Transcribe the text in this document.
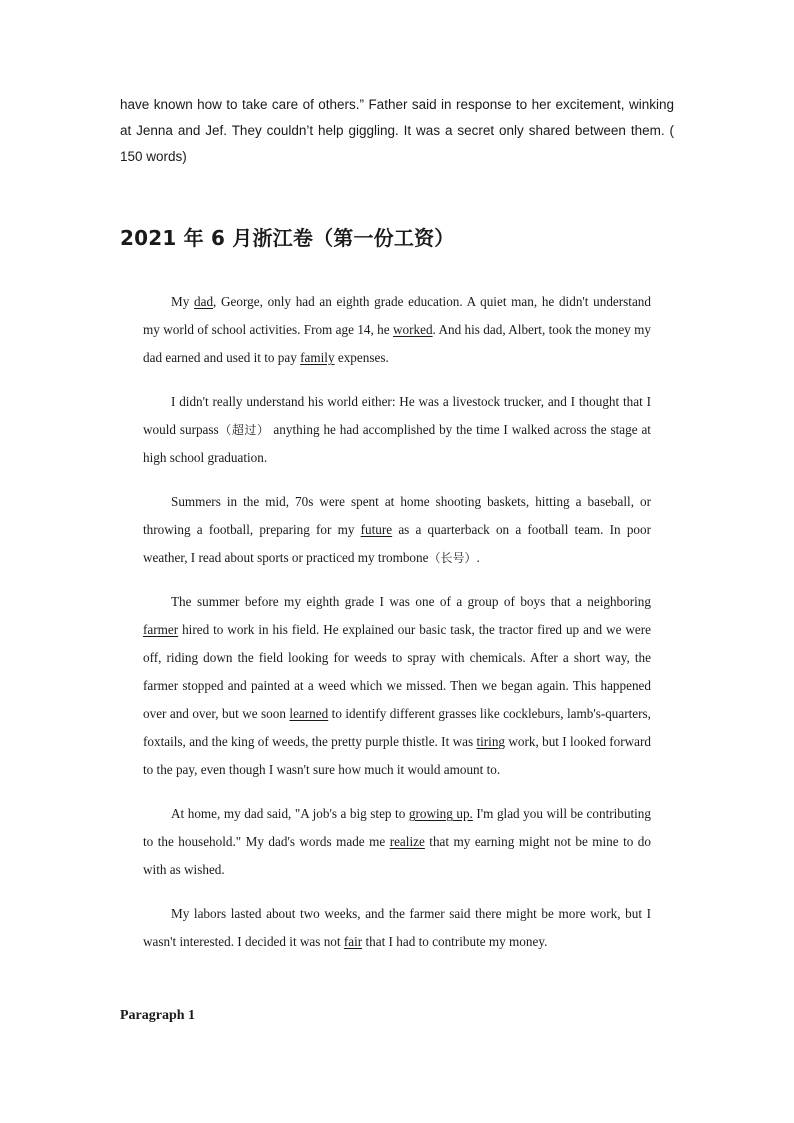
have known how to take care of others.” Father said in response to her excitement, winking at Jenna and Jef. They couldn’t help giggling. It was a secret only shared between them. ( 150 words)
2021 年 6 月浙江卷（第一份工资）

My dad, George, only had an eighth grade education. A quiet man, he didn't understand my world of school activities. From age 14, he worked. And his dad, Albert, took the money my dad earned and used it to pay family expenses.

I didn't really understand his world either: He was a livestock trucker, and I thought that I would surpass（超过） anything he had accomplished by the time I walked across the stage at high school graduation.

Summers in the mid, 70s were spent at home shooting baskets, hitting a baseball, or throwing a football, preparing for my future as a quarterback on a football team. In poor weather, I read about sports or practiced my trombone（长号）.

The summer before my eighth grade I was one of a group of boys that a neighboring farmer hired to work in his field. He explained our basic task, the tractor fired up and we were off, riding down the field looking for weeds to spray with chemicals. After a short way, the farmer stopped and painted at a weed which we missed. Then we began again. This happened over and over, but we soon learned to identify different grasses like cockleburs, lamb's-quarters, foxtails, and the king of weeds, the pretty purple thistle. It was tiring work, but I looked forward to the pay, even though I wasn't sure how much it would amount to.

At home, my dad said, "A job's a big step to growing up. I'm glad you will be contributing to the household." My dad's words made me realize that my earning might not be mine to do with as wished.

My labors lasted about two weeks, and the farmer said there might be more work, but I wasn't interested. I decided it was not fair that I had to contribute my money.

Paragraph 1
